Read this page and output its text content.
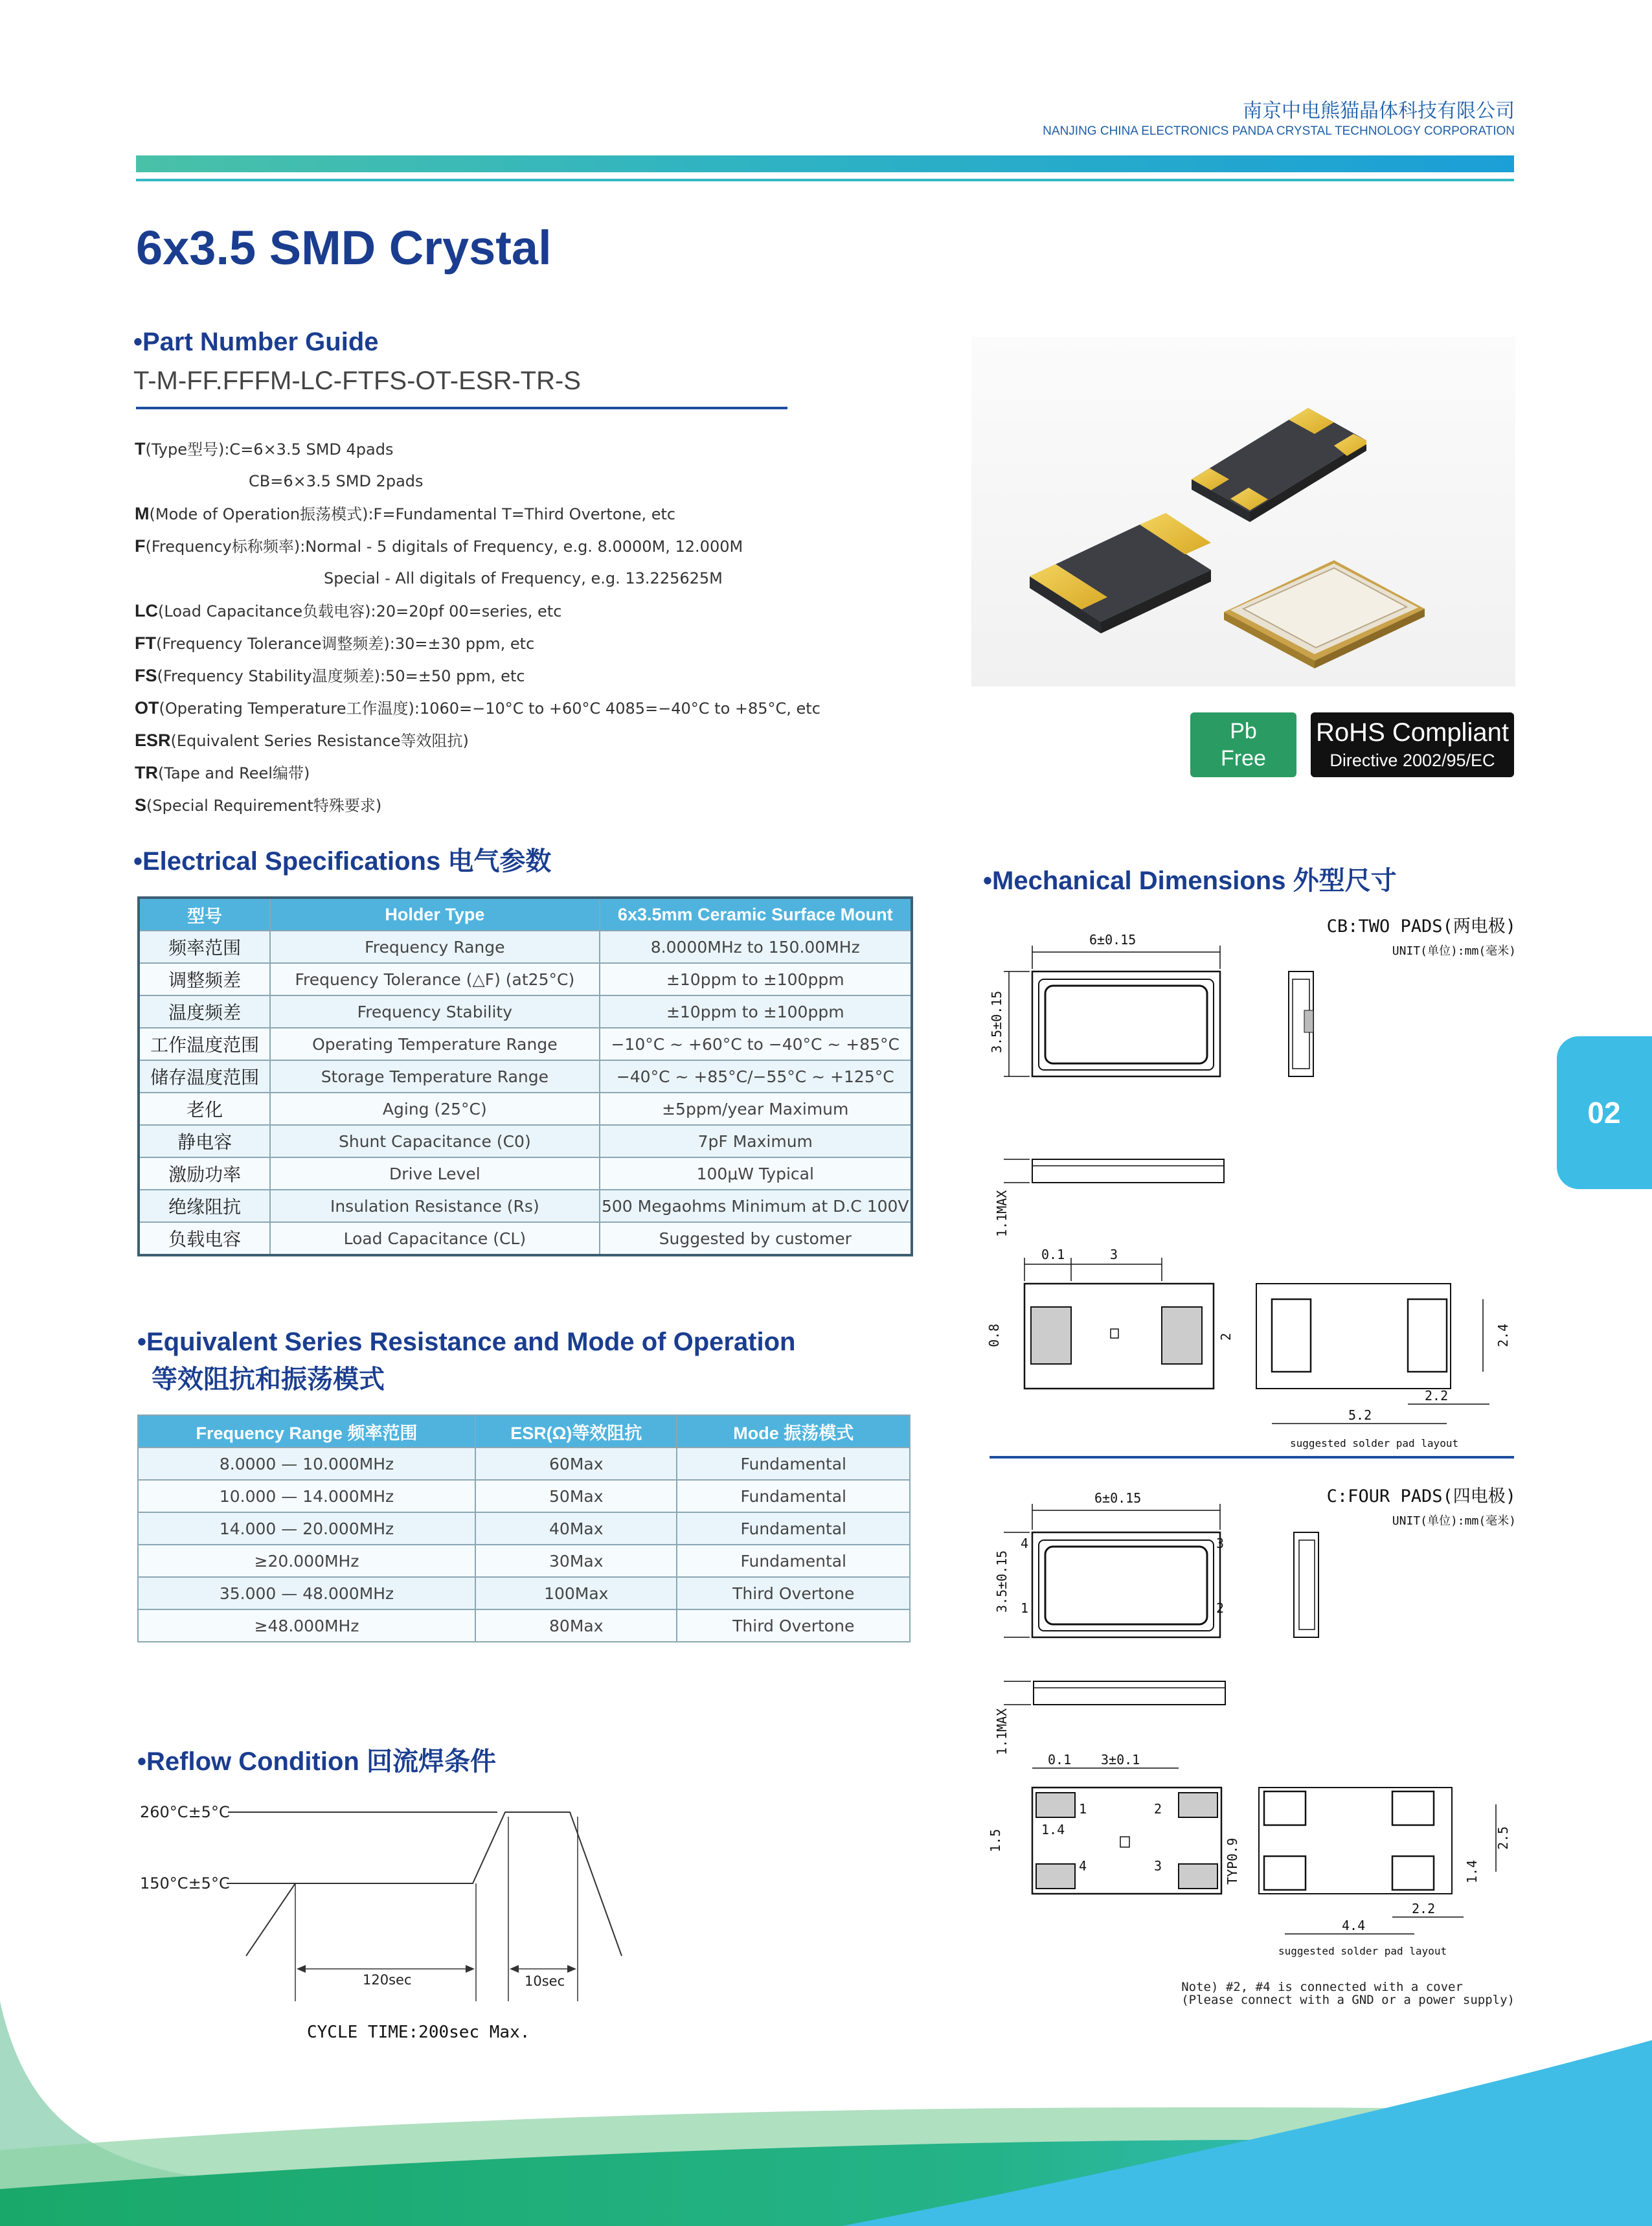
南京中电熊猫晶体科技有限公司
NANJING CHINA ELECTRONICS PANDA CRYSTAL TECHNOLOGY CORPORATION
6x3.5 SMD Crystal
•Part Number Guide
T-M-FF.FFFM-LC-FTFS-OT-ESR-TR-S
T(Type型号):C=6×3.5 SMD 4pads
CB=6×3.5 SMD 2pads
M(Mode of Operation振荡模式):F=Fundamental T=Third Overtone, etc
F(Frequency标称频率):Normal - 5 digitals of Frequency, e.g. 8.0000M, 12.000M
Special - All digitals of Frequency, e.g. 13.225625M
LC(Load Capacitance负载电容):20=20pf 00=series, etc
FT(Frequency Tolerance调整频差):30=±30 ppm, etc
FS(Frequency Stability温度频差):50=±50 ppm, etc
OT(Operating Temperature工作温度):1060=−10°C to +60°C 4085=−40°C to +85°C, etc
ESR(Equivalent Series Resistance等效阻抗)
TR(Tape and Reel编带)
S(Special Requirement特殊要求)
Pb
Free
RoHS Compliant
Directive 2002/95/EC
•Electrical Specifications 电气参数
型号	Holder Type	6x3.5mm Ceramic Surface Mount
频率范围	Frequency Range	8.0000MHz to 150.00MHz
调整频差	Frequency Tolerance (△F) (at25°C)	±10ppm to ±100ppm
温度频差	Frequency Stability	±10ppm to ±100ppm
工作温度范围	Operating Temperature Range	−10°C ~ +60°C to −40°C ~ +85°C
储存温度范围	Storage Temperature Range	−40°C ~ +85°C/−55°C ~ +125°C
老化	Aging (25°C)	±5ppm/year Maximum
静电容	Shunt Capacitance (C0)	7pF Maximum
激励功率	Drive Level	100μW Typical
绝缘阻抗	Insulation Resistance (Rs)	500 Megaohms Minimum at D.C 100V
负载电容	Load Capacitance (CL)	Suggested by customer
•Equivalent Series Resistance and Mode of Operation
等效阻抗和振荡模式
Frequency Range 频率范围	ESR(Ω)等效阻抗	Mode 振荡模式
8.0000 — 10.000MHz	60Max	Fundamental
10.000 — 14.000MHz	50Max	Fundamental
14.000 — 20.000MHz	40Max	Fundamental
≥20.000MHz	30Max	Fundamental
35.000 — 48.000MHz	100Max	Third Overtone
≥48.000MHz	80Max	Third Overtone
•Reflow Condition 回流焊条件
260°C±5°C
150°C±5°C
120sec	10sec
CYCLE TIME:200sec Max.
•Mechanical Dimensions 外型尺寸
CB:TWO PADS(两电极)
UNIT(单位):mm(毫米)
6±0.15
3.5±0.15
1.1MAX
0.1	3
0.8	2	2.4
5.2
2.2
suggested solder pad layout
C:FOUR PADS(四电极)
UNIT(单位):mm(毫米)
6±0.15
3.5±0.15
4
1
3
2
1.1MAX
1
4
2
3
0.1 3±0.1
1.4
1.5	TYP0.9	2.5
1.4
2.2
4.4
suggested solder pad layout
Note) #2, #4 is connected with a cover
(Please connect with a GND or a power supply)
02
